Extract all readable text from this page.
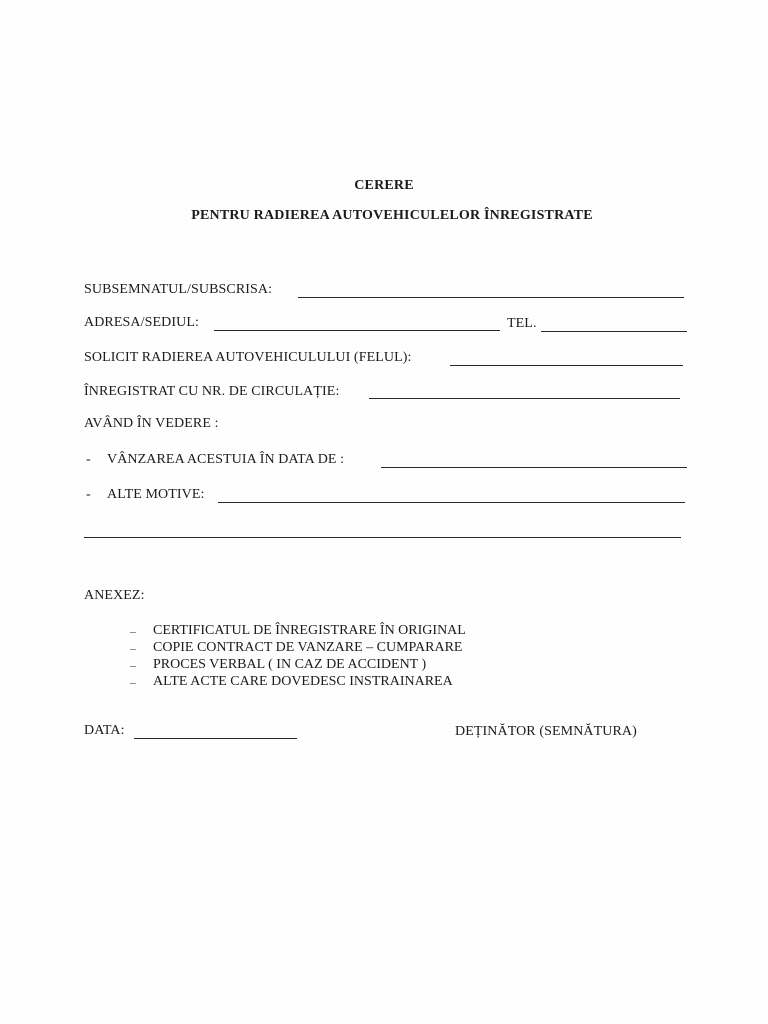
CERERE
PENTRU RADIEREA AUTOVEHICULELOR ÎNREGISTRATE
SUBSEMNATUL/SUBSCRISA:
ADRESA/SEDIUL:	TEL.
SOLICIT RADIEREA AUTOVEHICULULUI (FELUL):
ÎNREGISTRAT CU NR. DE CIRCULAȚIE:
AVÂND ÎN VEDERE :
- VÂNZAREA ACESTUIA ÎN DATA DE :
- ALTE MOTIVE:
ANEXEZ:
– CERTIFICATUL DE ÎNREGISTRARE ÎN ORIGINAL
– COPIE CONTRACT DE VANZARE – CUMPARARE
– PROCES VERBAL ( IN CAZ DE ACCIDENT )
– ALTE ACTE CARE DOVEDESC INSTRAINAREA
DATA:	DEȚINĂTOR (SEMNĂTURA)
